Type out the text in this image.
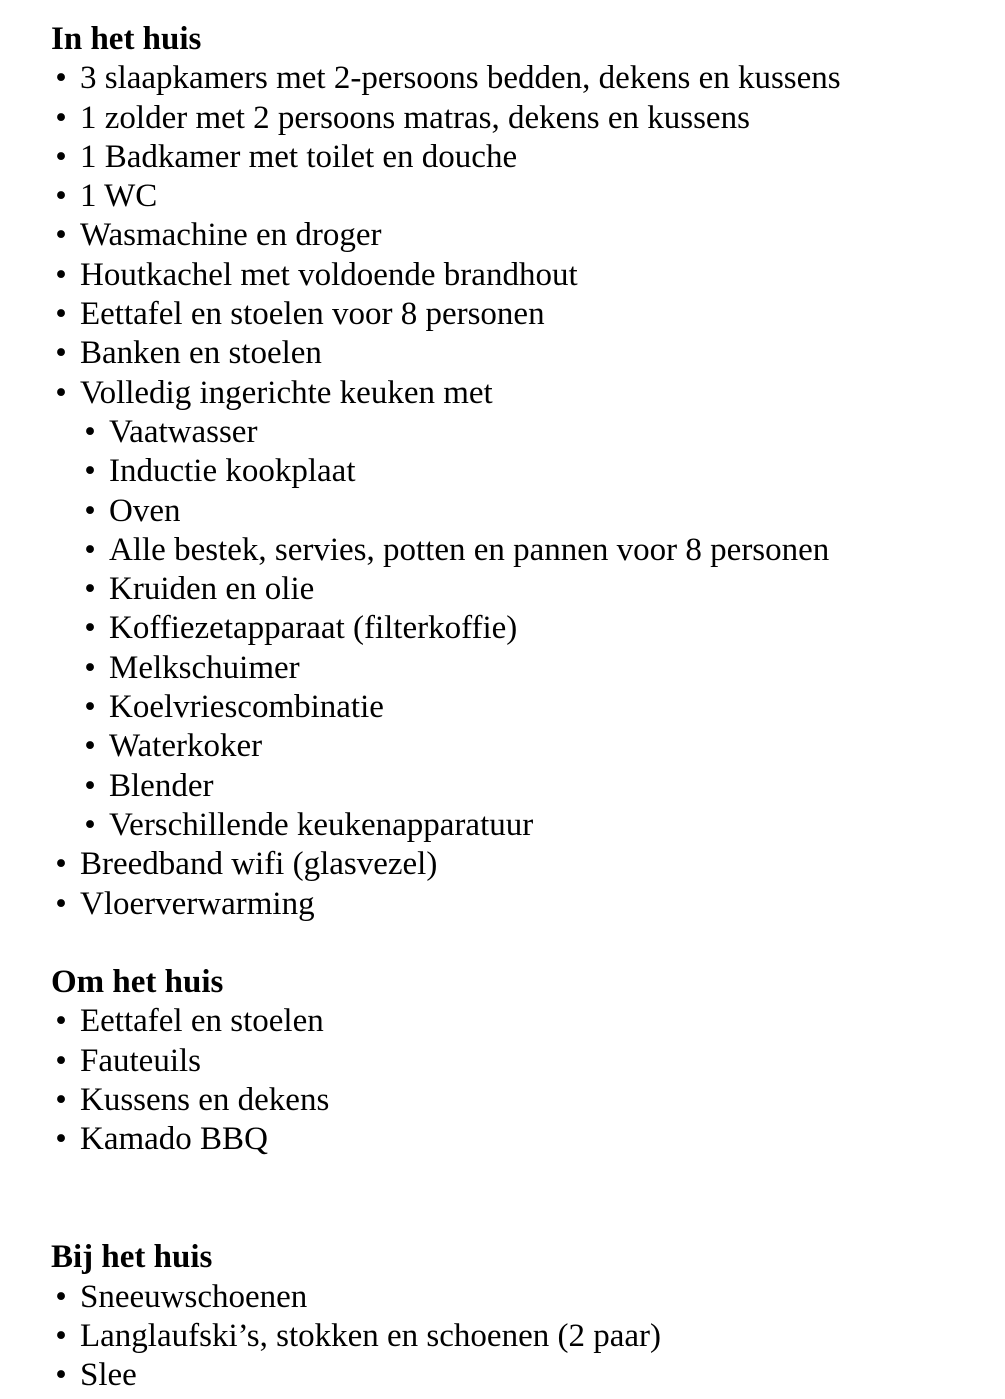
In het huis
• 3 slaapkamers met 2-persoons bedden, dekens en kussens
• 1 zolder met 2 persoons matras, dekens en kussens
• 1 Badkamer met toilet en douche
• 1 WC
• Wasmachine en droger
• Houtkachel met voldoende brandhout
• Eettafel en stoelen voor 8 personen
• Banken en stoelen
• Volledig ingerichte keuken met
• Vaatwasser
• Inductie kookplaat
• Oven
• Alle bestek, servies, potten en pannen voor 8 personen
• Kruiden en olie
• Koffiezetapparaat (filterkoffie)
• Melkschuimer
• Koelvriescombinatie
• Waterkoker
• Blender
• Verschillende keukenapparatuur
• Breedband wifi (glasvezel)
• Vloerverwarming
Om het huis
• Eettafel en stoelen
• Fauteuils
• Kussens en dekens
• Kamado BBQ
Bij het huis
• Sneeuwschoenen
• Langlaufski’s, stokken en schoenen (2 paar)
• Slee
